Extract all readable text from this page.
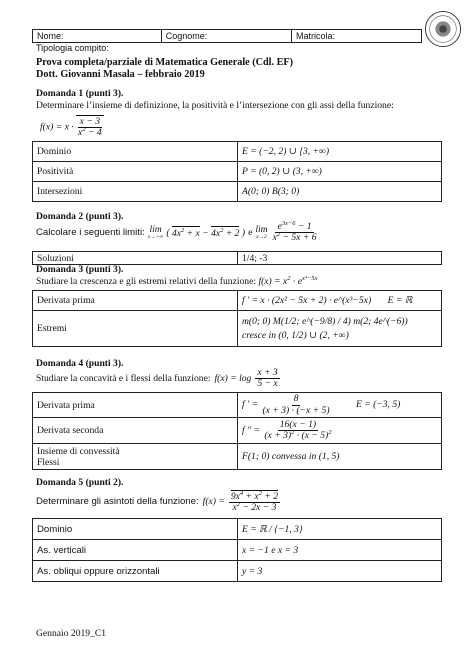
Nome:	Cognome:	Matricola:
Tipologia compito:
Prova completa/parziale di Matematica Generale (Cdl. EF)
Dott. Giovanni Masala – febbraio 2019
Domanda 1 (punti 3).
Determinare l’insieme di definizione, la positività e l’intersezione con gli assi della funzione:
$f(x) = x \cdot \frac{x - 3}{x^2 - 4}$
Dominio	E = (−2, 2) ∪ [3, +∞)
Positività	P = (0, 2) ∪ (3, +∞)
Intersezioni	A(0; 0) B(3; 0)
Domanda 2 (punti 3).
Calcolare i seguenti limiti: lim
x→+∞ ( $4x^2 + x - 4x^2 + 2$ ) e lim
$x\to 2 \frac{e^{3x-6} - 1}{x^2 - 5x + 6}$
Soluzioni	1/4; -3
Domanda 3 (punti 3).
Studiare la crescenza e gli estremi relativi della funzione: $f(x) = x^2 \cdot e^{x^3-5x}$
Derivata prima	f ′ = x · (2x² − 5x + 2) · e^(x³−5x) E = ℝ
Estremi	m(0; 0) M(1/2; e^(−9/8) / 4) m(2; 4e^(−6))
cresce in (0, 1/2) ∪ (2, +∞)
Domanda 4 (punti 3).
Studiare la concavità e i flessi della funzione: $f(x) = \log \frac{x + 3}{5 - x}$
Derivata prima	f ′ = $\frac{8}{(x + 3) \cdot (-x + 5)}$ E = (−3, 5)
Derivata seconda	f ″ = $\frac{16(x - 1)}{(x + 3)^2 \cdot (x - 5)^2}$

Insieme di convessità
Flessi	F(1; 0) convessa in (1, 5)
Domanda 5 (punti 2).
Determinare gli asintoti della funzione: $f(x) = \frac{9x^4 + x^2 + 2}{x^2 - 2x - 3}$
Dominio	E = ℝ / {−1, 3}
As. verticali	x = −1 e x = 3
As. obliqui oppure orizzontali	y = 3
Gennaio 2019_C1
